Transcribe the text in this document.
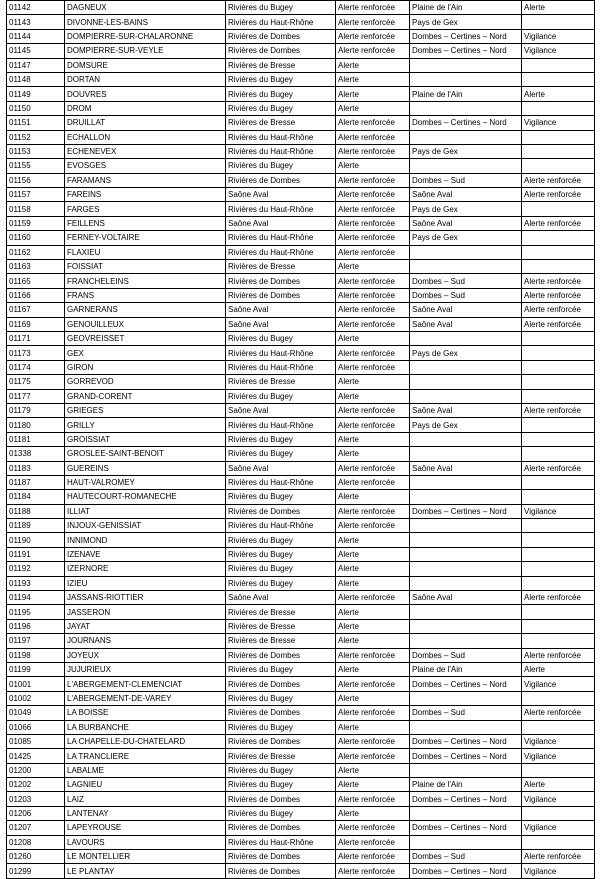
01142	DAGNEUX	Rivières du Bugey	Alerte renforcée	Plaine de l'Ain	Alerte
01143	DIVONNE-LES-BAINS	Rivières du Haut-Rhône	Alerte renforcée	Pays de Gex	
01144	DOMPIERRE-SUR-CHALARONNE	Rivières de Dombes	Alerte renforcée	Dombes – Certines – Nord	Vigilance
01145	DOMPIERRE-SUR-VEYLE	Rivières de Dombes	Alerte renforcée	Dombes – Certines – Nord	Vigilance
01147	DOMSURE	Rivières de Bresse	Alerte		
01148	DORTAN	Rivières du Bugey	Alerte		
01149	DOUVRES	Rivières du Bugey	Alerte	Plaine de l'Ain	Alerte
01150	DROM	Rivières du Bugey	Alerte		
01151	DRUILLAT	Rivières de Bresse	Alerte renforcée	Dombes – Certines – Nord	Vigilance
01152	ECHALLON	Rivières du Haut-Rhône	Alerte renforcée		
01153	ECHENEVEX	Rivières du Haut-Rhône	Alerte renforcée	Pays de Gex	
01155	EVOSGES	Rivières du Bugey	Alerte		
01156	FARAMANS	Rivières de Dombes	Alerte renforcée	Dombes – Sud	Alerte renforcée
01157	FAREINS	Saône Aval	Alerte renforcée	Saône Aval	Alerte renforcée
01158	FARGES	Rivières du Haut-Rhône	Alerte renforcée	Pays de Gex	
01159	FEILLENS	Saône Aval	Alerte renforcée	Saône Aval	Alerte renforcée
01160	FERNEY-VOLTAIRE	Rivières du Haut-Rhône	Alerte renforcée	Pays de Gex	
01162	FLAXIEU	Rivières du Haut-Rhône	Alerte renforcée		
01163	FOISSIAT	Rivières de Bresse	Alerte		
01165	FRANCHELEINS	Rivières de Dombes	Alerte renforcée	Dombes – Sud	Alerte renforcée
01166	FRANS	Rivières de Dombes	Alerte renforcée	Dombes – Sud	Alerte renforcée
01167	GARNERANS	Saône Aval	Alerte renforcée	Saône Aval	Alerte renforcée
01169	GENOUILLEUX	Saône Aval	Alerte renforcée	Saône Aval	Alerte renforcée
01171	GEOVREISSET	Rivières du Bugey	Alerte		
01173	GEX	Rivières du Haut-Rhône	Alerte renforcée	Pays de Gex	
01174	GIRON	Rivières du Haut-Rhône	Alerte renforcée		
01175	GORREVOD	Rivières de Bresse	Alerte		
01177	GRAND-CORENT	Rivières du Bugey	Alerte		
01179	GRIEGES	Saône Aval	Alerte renforcée	Saône Aval	Alerte renforcée
01180	GRILLY	Rivières du Haut-Rhône	Alerte renforcée	Pays de Gex	
01181	GROISSIAT	Rivières du Bugey	Alerte		
01338	GROSLEE-SAINT-BENOIT	Rivières du Bugey	Alerte		
01183	GUEREINS	Saône Aval	Alerte renforcée	Saône Aval	Alerte renforcée
01187	HAUT-VALROMEY	Rivières du Haut-Rhône	Alerte renforcée		
01184	HAUTECOURT-ROMANECHE	Rivières du Bugey	Alerte		
01188	ILLIAT	Rivières de Dombes	Alerte renforcée	Dombes – Certines – Nord	Vigilance
01189	INJOUX-GENISSIAT	Rivières du Haut-Rhône	Alerte renforcée		
01190	INNIMOND	Rivières du Bugey	Alerte		
01191	IZENAVE	Rivières du Bugey	Alerte		
01192	IZERNORE	Rivières du Bugey	Alerte		
01193	IZIEU	Rivières du Bugey	Alerte		
01194	JASSANS-RIOTTIER	Saône Aval	Alerte renforcée	Saône Aval	Alerte renforcée
01195	JASSERON	Rivières de Bresse	Alerte		
01196	JAYAT	Rivières de Bresse	Alerte		
01197	JOURNANS	Rivières de Bresse	Alerte		
01198	JOYEUX	Rivières de Dombes	Alerte renforcée	Dombes – Sud	Alerte renforcée
01199	JUJURIEUX	Rivières du Bugey	Alerte	Plaine de l'Ain	Alerte
01001	L'ABERGEMENT-CLEMENCIAT	Rivières de Dombes	Alerte renforcée	Dombes – Certines – Nord	Vigilance
01002	L'ABERGEMENT-DE-VAREY	Rivières du Bugey	Alerte		
01049	LA BOISSE	Rivières de Dombes	Alerte renforcée	Dombes – Sud	Alerte renforcée
01066	LA BURBANCHE	Rivières du Bugey	Alerte		
01085	LA CHAPELLE-DU-CHATELARD	Rivières de Dombes	Alerte renforcée	Dombes – Certines – Nord	Vigilance
01425	LA TRANCLIERE	Rivières de Bresse	Alerte renforcée	Dombes – Certines – Nord	Vigilance
01200	LABALME	Rivières du Bugey	Alerte		
01202	LAGNIEU	Rivières du Bugey	Alerte	Plaine de l'Ain	Alerte
01203	LAIZ	Rivières de Dombes	Alerte renforcée	Dombes – Certines – Nord	Vigilance
01206	LANTENAY	Rivières du Bugey	Alerte		
01207	LAPEYROUSE	Rivières de Dombes	Alerte renforcée	Dombes – Certines – Nord	Vigilance
01208	LAVOURS	Rivières du Haut-Rhône	Alerte renforcée		
01260	LE MONTELLIER	Rivières de Dombes	Alerte renforcée	Dombes – Sud	Alerte renforcée
01299	LE PLANTAY	Rivières de Dombes	Alerte renforcée	Dombes – Certines – Nord	Vigilance
